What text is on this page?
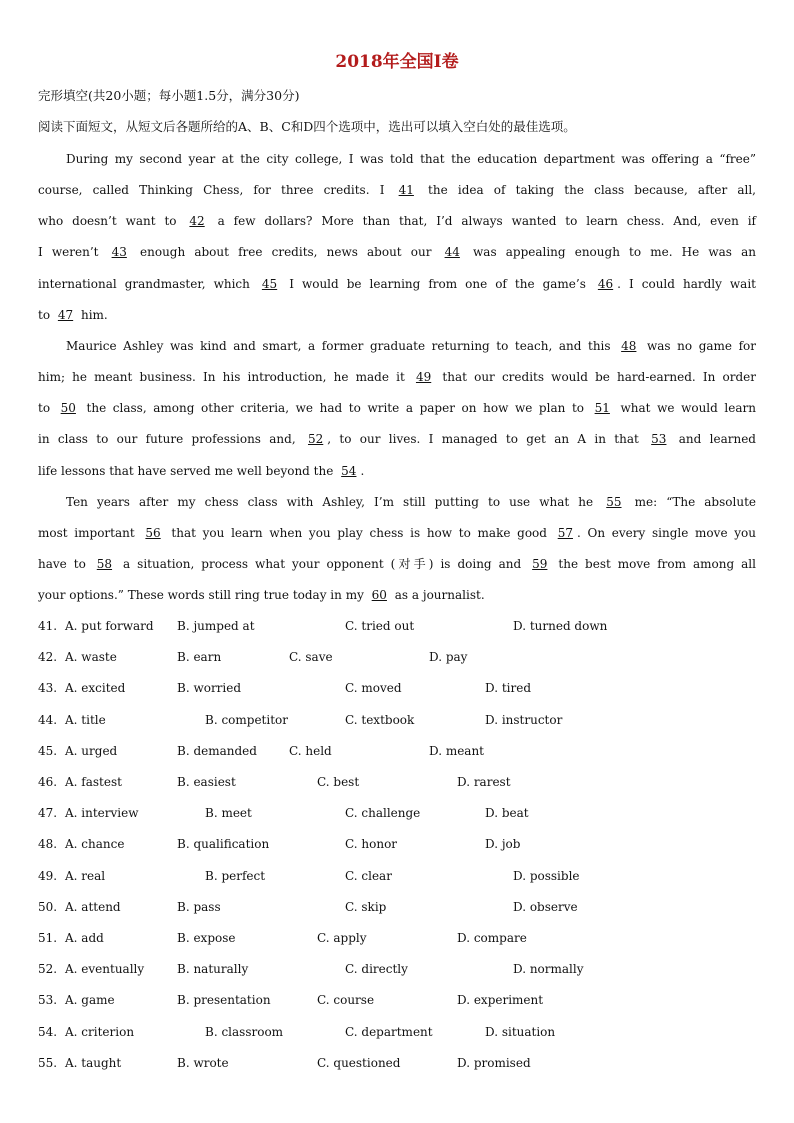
2018年全国Ⅰ卷
完形填空(共20小题；每小题1.5分，满分30分)
阅读下面短文，从短文后各题所给的A、B、C和D四个选项中，选出可以填入空白处的最佳选项。
During my second year at the city college, I was told that the education department was offering a “free”
course, called Thinking Chess, for three credits. I 41 the idea of taking the class because, after all,
who doesn’t want to 42 a few dollars? More than that, I’d always wanted to learn chess. And, even if
I weren’t 43 enough about free credits, news about our 44 was appealing enough to me. He was an
international grandmaster, which 45 I would be learning from one of the game’s 46 . I could hardly wait
to 47 him.
Maurice Ashley was kind and smart, a former graduate returning to teach, and this 48 was no game for
him; he meant business. In his introduction, he made it 49 that our credits would be hard-earned. In order
to 50 the class, among other criteria, we had to write a paper on how we plan to 51 what we would learn
in class to our future professions and, 52 , to our lives. I managed to get an A in that 53 and learned
life lessons that have served me well beyond the 54 .
Ten years after my chess class with Ashley, I’m still putting to use what he 55 me: “The absolute
most important 56 that you learn when you play chess is how to make good 57 . On every single move you
have to 58 a situation, process what your opponent (对手) is doing and 59 the best move from among all
your options.” These words still ring true today in my 60 as a journalist.
41. A. put forward B. jumped at	C. tried out	D. turned down
42. A. waste	B. earn	C. save	D. pay
43. A. excited	B. worried	C. moved	D. tired
44. A. title	B. competitor	C. textbook	D. instructor
45. A. urged	B. demanded	C. held	D. meant
46. A. fastest	B. easiest	C. best	D. rarest
47. A. interview	B. meet	C. challenge	D. beat
48. A. chance	B. qualification	C. honor	D. job
49. A. real	B. perfect	C. clear	D. possible
50. A. attend	B. pass	C. skip	D. observe
51. A. add	B. expose	C. apply	D. compare
52. A. eventually	B. naturally	C. directly	D. normally
53. A. game	B. presentation	C. course	D. experiment
54. A. criterion	B. classroom	C. department	D. situation
55. A. taught	B. wrote	C. questioned	D. promised
